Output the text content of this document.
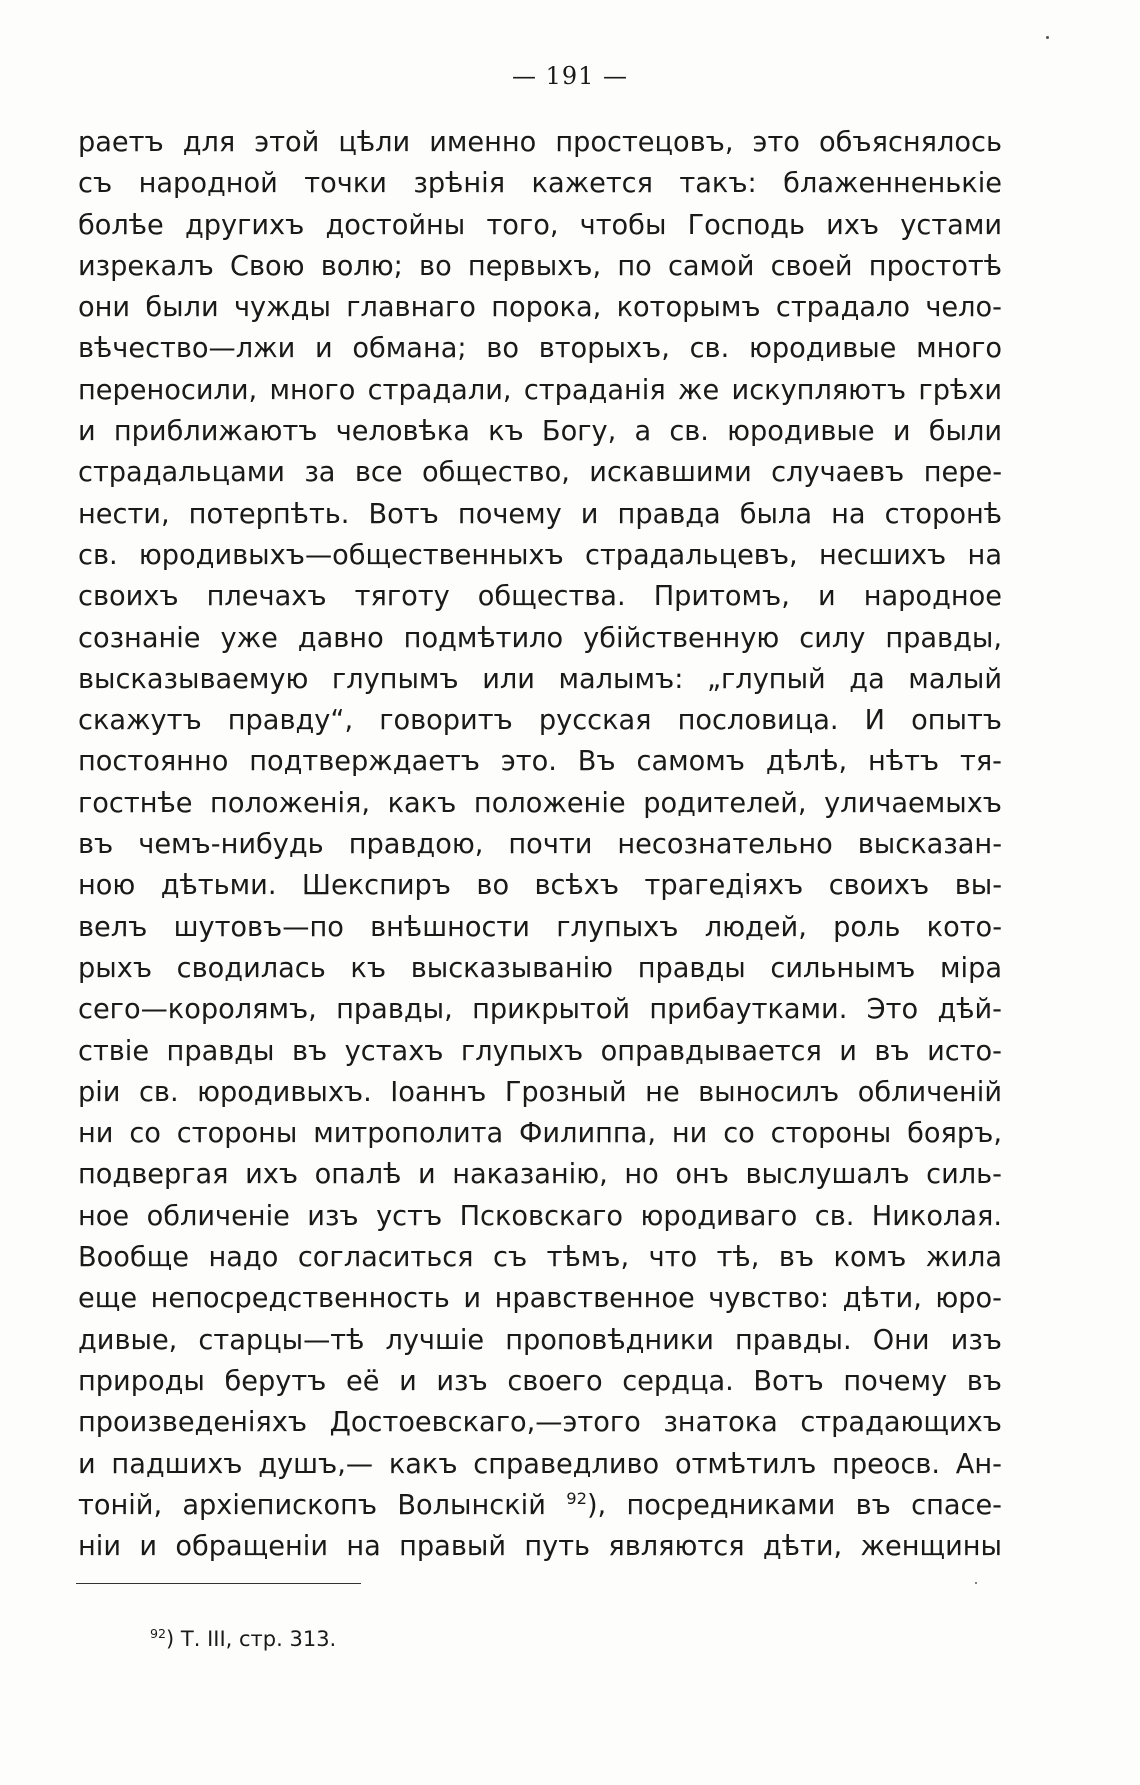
— 191 —
раетъ для этой цѣли именно простецовъ, это объяснялось
съ народной точки зрѣнія кажется такъ: блаженненькіе
болѣе другихъ достойны того, чтобы Господь ихъ устами
изрекалъ Свою волю; во первыхъ, по самой своей простотѣ
они были чужды главнаго порока, которымъ страдало чело-
вѣчество—лжи и обмана; во вторыхъ, св. юродивые много
переносили, много страдали, страданія же искупляютъ грѣхи
и приближаютъ человѣка къ Богу, а св. юродивые и были
страдальцами за все общество, искавшими случаевъ пере-
нести, потерпѣть. Вотъ почему и правда была на сторонѣ
св. юродивыхъ—общественныхъ страдальцевъ, несшихъ на
своихъ плечахъ тяготу общества. Притомъ, и народное
сознаніе уже давно подмѣтило убійственную силу правды,
высказываемую глупымъ или малымъ: „глупый да малый
скажутъ правду“, говоритъ русская пословица. И опытъ
постоянно подтверждаетъ это. Въ самомъ дѣлѣ, нѣтъ тя-
гостнѣе положенія, какъ положеніе родителей, уличаемыхъ
въ чемъ-нибудь правдою, почти несознательно высказан-
ною дѣтьми. Шекспиръ во всѣхъ трагедіяхъ своихъ вы-
велъ шутовъ—по внѣшности глупыхъ людей, роль кото-
рыхъ сводилась къ высказыванію правды сильнымъ міра
сего—королямъ, правды, прикрытой прибаутками. Это дѣй-
ствіе правды въ устахъ глупыхъ оправдывается и въ исто-
ріи св. юродивыхъ. Іоаннъ Грозный не выносилъ обличеній
ни со стороны митрополита Филиппа, ни со стороны бояръ,
подвергая ихъ опалѣ и наказанію, но онъ выслушалъ силь-
ное обличеніе изъ устъ Псковскаго юродиваго св. Николая.
Вообще надо согласиться съ тѣмъ, что тѣ, въ комъ жила
еще непосредственность и нравственное чувство: дѣти, юро-
дивые, старцы—тѣ лучшіе проповѣдники правды. Они изъ
природы берутъ её и изъ своего сердца. Вотъ почему въ
произведеніяхъ Достоевскаго,—этого знатока страдающихъ
и падшихъ душъ,— какъ справедливо отмѣтилъ преосв. Ан-
тоній, архіепископъ Волынскій $^{92}$), посредниками въ спасе-
ніи и обращеніи на правый путь являются дѣти, женщины
$^{92}$) Т. III, стр. 313.
